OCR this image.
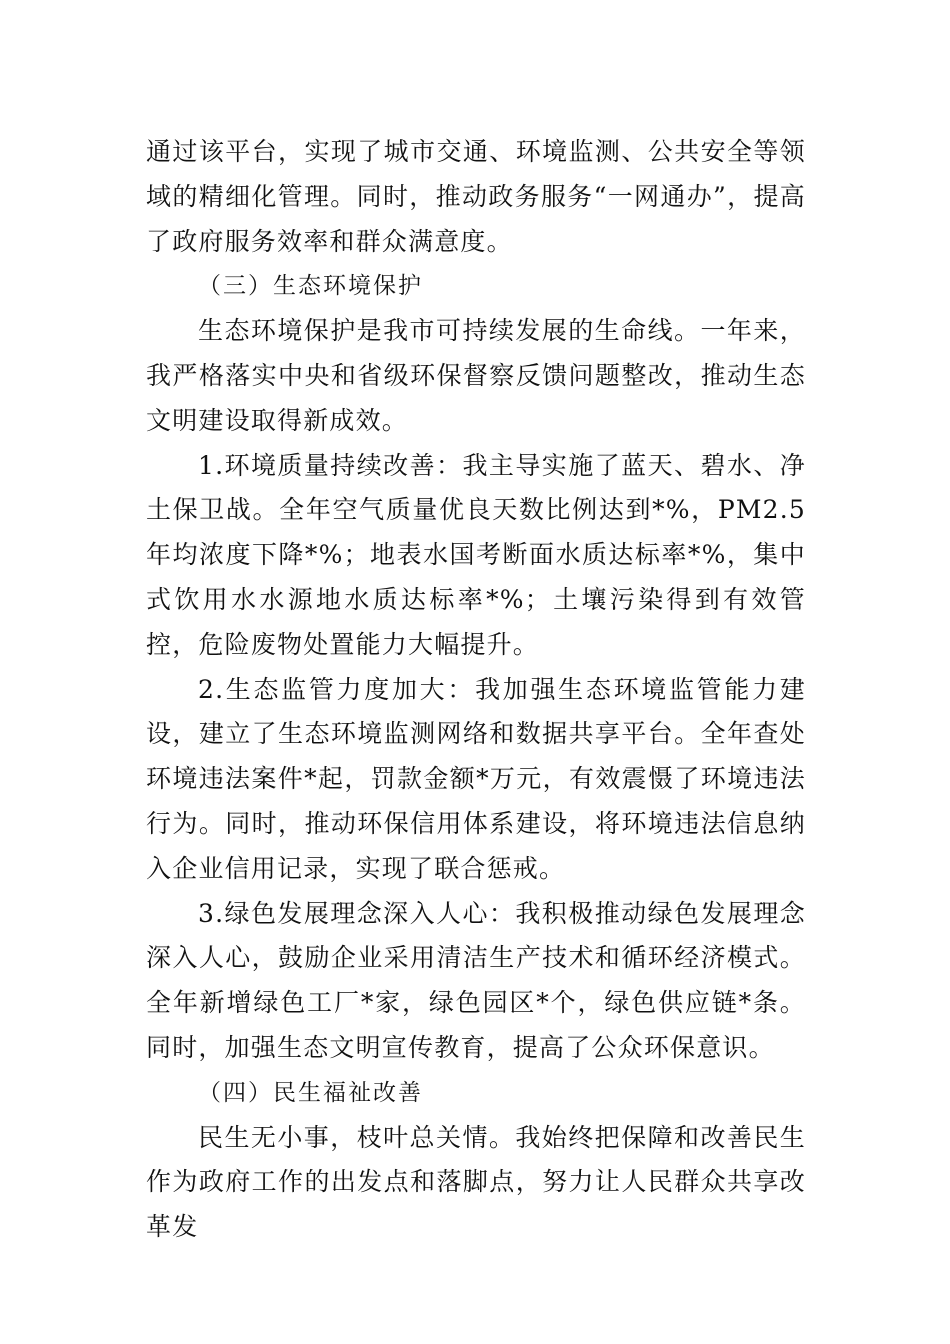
通过该平台，实现了城市交通、环境监测、公共安全等领域的精细化管理。同时，推动政务服务“一网通办”，提高了政府服务效率和群众满意度。

（三）生态环境保护

生态环境保护是我市可持续发展的生命线。一年来，我严格落实中央和省级环保督察反馈问题整改，推动生态文明建设取得新成效。

1.环境质量持续改善：我主导实施了蓝天、碧水、净土保卫战。全年空气质量优良天数比例达到*%，PM2.5年均浓度下降*%；地表水国考断面水质达标率*%，集中式饮用水水源地水质达标率*%；土壤污染得到有效管控，危险废物处置能力大幅提升。

2.生态监管力度加大：我加强生态环境监管能力建设，建立了生态环境监测网络和数据共享平台。全年查处环境违法案件*起，罚款金额*万元，有效震慑了环境违法行为。同时，推动环保信用体系建设，将环境违法信息纳入企业信用记录，实现了联合惩戒。

3.绿色发展理念深入人心：我积极推动绿色发展理念深入人心，鼓励企业采用清洁生产技术和循环经济模式。全年新增绿色工厂*家，绿色园区*个，绿色供应链*条。同时，加强生态文明宣传教育，提高了公众环保意识。

（四）民生福祉改善

民生无小事，枝叶总关情。我始终把保障和改善民生作为政府工作的出发点和落脚点，努力让人民群众共享改革发
